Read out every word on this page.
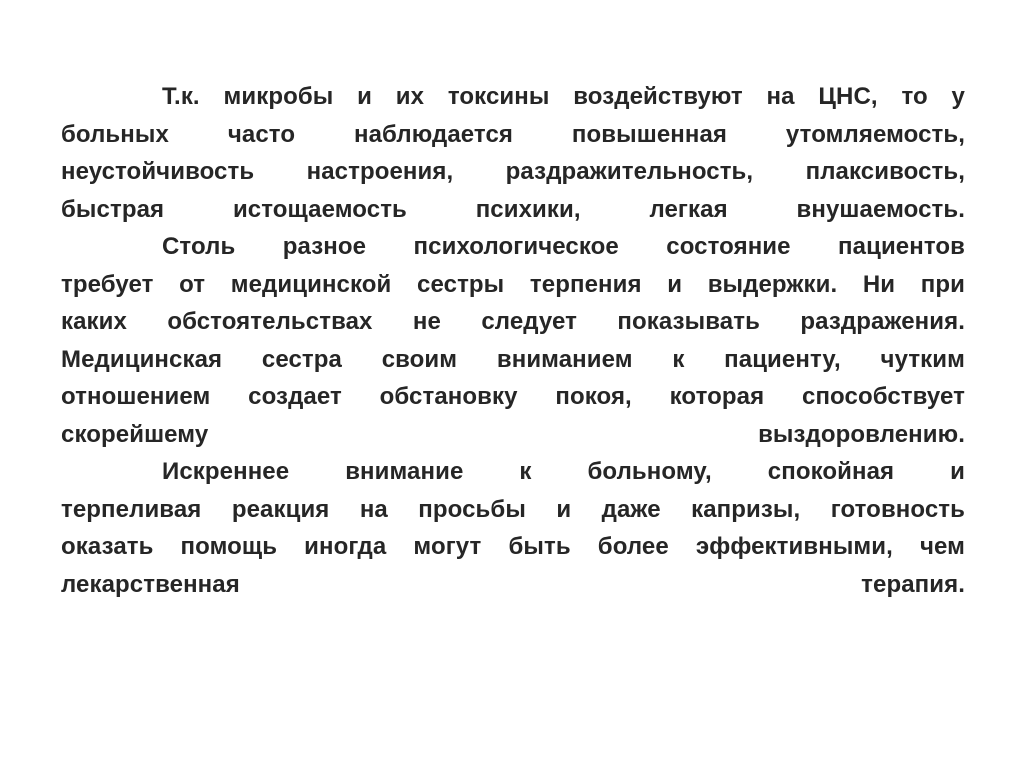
Т.к. микробы и их токсины воздействуют на ЦНС, то у
больных часто наблюдается повышенная утомляемость,
неустойчивость настроения, раздражительность, плаксивость,
быстрая истощаемость психики, легкая внушаемость.
Столь разное психологическое состояние пациентов
требует от медицинской сестры терпения и выдержки. Ни при
каких обстоятельствах не следует показывать раздражения.
Медицинская сестра своим вниманием к пациенту, чутким
отношением создает обстановку покоя, которая способствует
скорейшему выздоровлению.
Искреннее внимание к больному, спокойная и
терпеливая реакция на просьбы и даже капризы, готовность
оказать помощь иногда могут быть более эффективными, чем
лекарственная терапия.
